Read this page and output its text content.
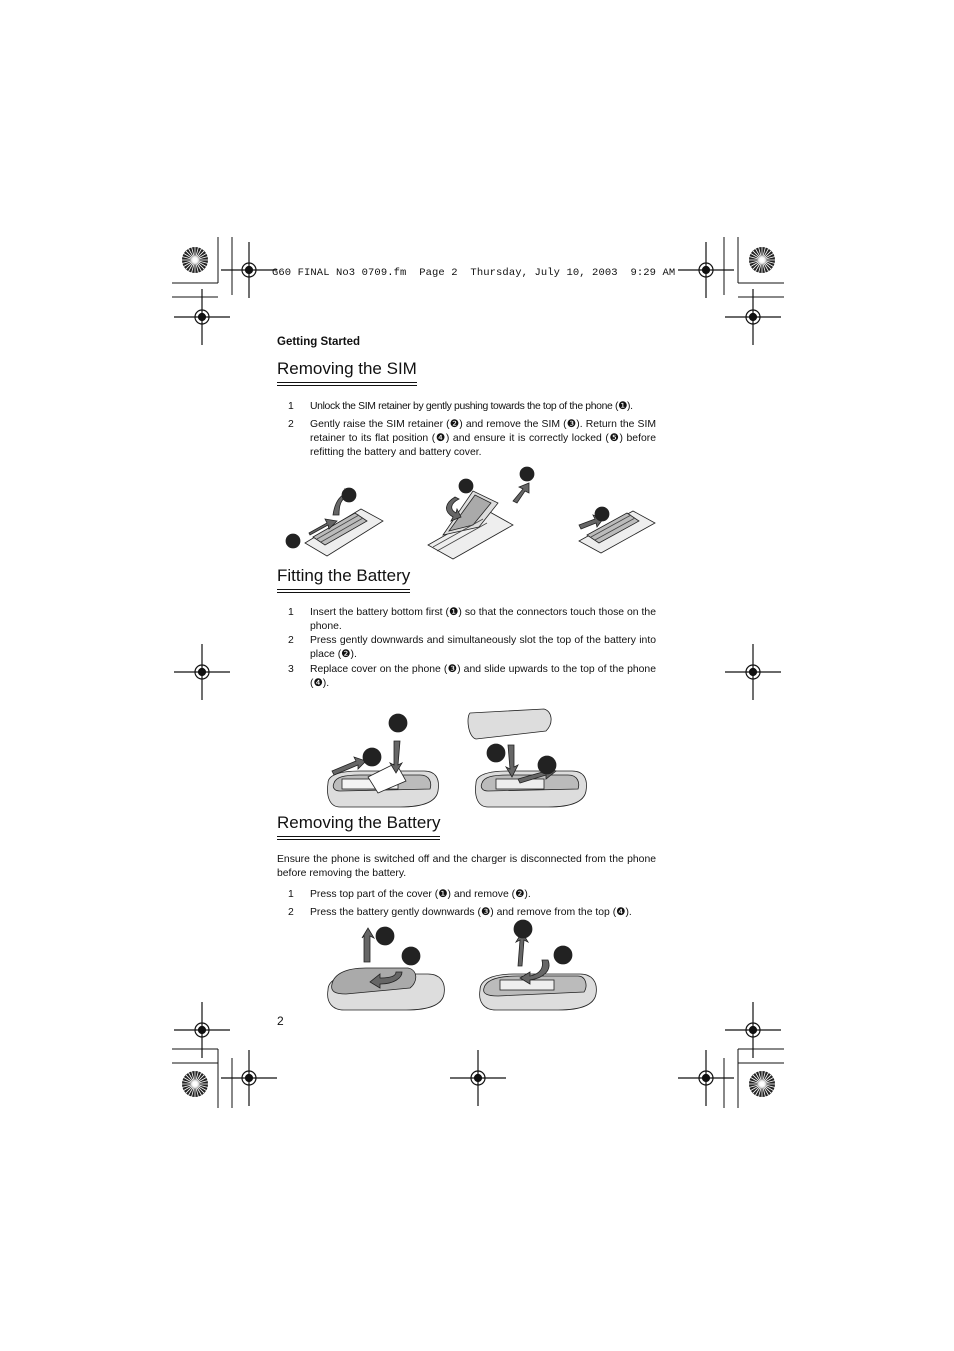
G60 FINAL No3 0709.fm  Page 2  Thursday, July 10, 2003  9:29 AM
Getting Started
Removing the SIM
1 Unlock the SIM retainer by gently pushing towards the top of the phone (❶).
2 Gently raise the SIM retainer (❷) and remove the SIM (❸). Return the SIM retainer to its flat position (❹) and ensure it is correctly locked (❺) before refitting the battery and battery cover.
Fitting the Battery
1 Insert the battery bottom first (❶) so that the connectors touch those on the phone.
2 Press gently downwards and simultaneously slot the top of the battery into place (❷).
3 Replace cover on the phone (❸) and slide upwards to the top of the phone (❹).
Removing the Battery
Ensure the phone is switched off and the charger is disconnected from the phone before removing the battery.
1 Press top part of the cover (❶) and remove (❷).
2 Press the battery gently downwards (❸) and remove from the top (❹).
2
